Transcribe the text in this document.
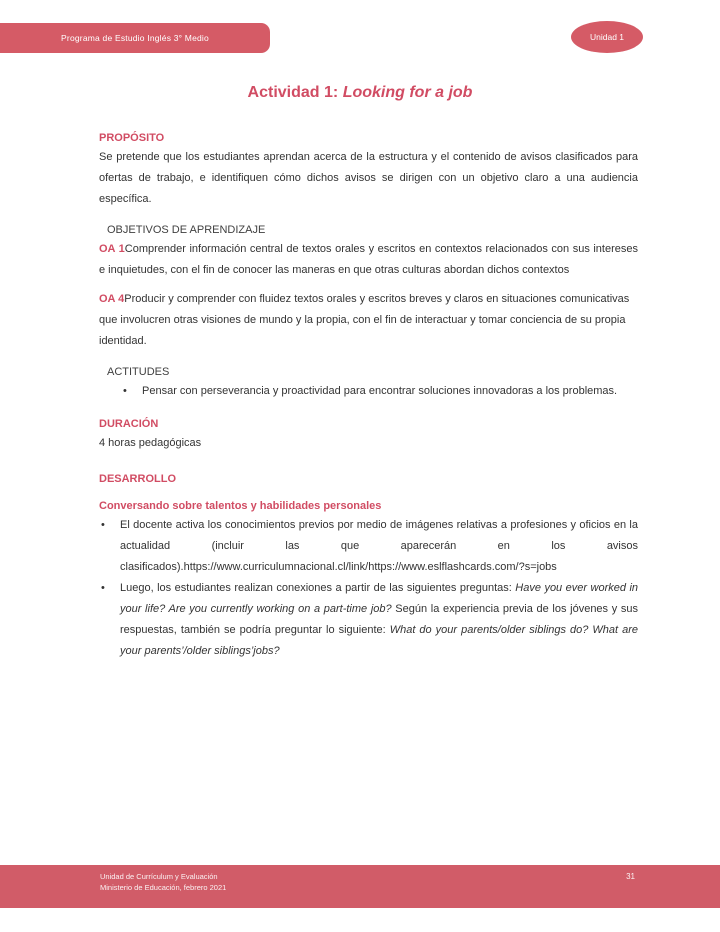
Programa de Estudio Inglés 3° Medio	Unidad 1
Actividad 1: Looking for a job
PROPÓSITO

Se pretende que los estudiantes aprendan acerca de la estructura y el contenido de avisos clasificados para ofertas de trabajo, e identifiquen cómo dichos avisos se dirigen con un objetivo claro a una audiencia específica.

OBJETIVOS DE APRENDIZAJE

OA 1Comprender información central de textos orales y escritos en contextos relacionados con sus intereses e inquietudes, con el fin de conocer las maneras en que otras culturas abordan dichos contextos

OA 4Producir y comprender con fluidez textos orales y escritos breves y claros en situaciones comunicativas que involucren otras visiones de mundo y la propia, con el fin de interactuar y tomar conciencia de su propia identidad.

ACTITUDES
• Pensar con perseverancia y proactividad para encontrar soluciones innovadoras a los problemas.
DURACIÓN
4 horas pedagógicas
DESARROLLO
Conversando sobre talentos y habilidades personales
• El docente activa los conocimientos previos por medio de imágenes relativas a profesiones y oficios en la actualidad (incluir las que aparecerán en los avisos clasificados).https://www.curriculumnacional.cl/link/https://www.eslflashcards.com/?s=jobs
• Luego, los estudiantes realizan conexiones a partir de las siguientes preguntas: Have you ever worked in your life? Are you currently working on a part-time job? Según la experiencia previa de los jóvenes y sus respuestas, también se podría preguntar lo siguiente: What do your parents/older siblings do? What are your parents’/older siblings’jobs?
Unidad de Currículum y Evaluación
Ministerio de Educación, febrero 2021
31
